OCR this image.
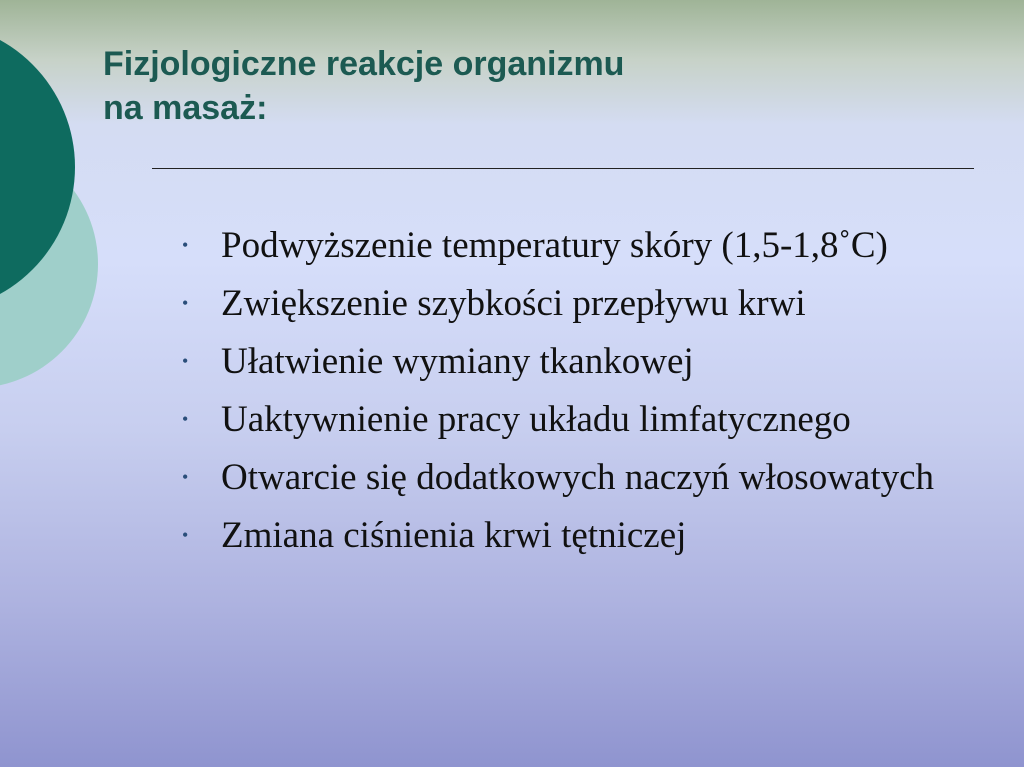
Fizjologiczne reakcje organizmu
na masaż:
• Podwyższenie temperatury skóry (1,5-1,8˚C)
• Zwiększenie szybkości przepływu krwi
• Ułatwienie wymiany tkankowej
• Uaktywnienie pracy układu limfatycznego
• Otwarcie się dodatkowych naczyń włosowatych
• Zmiana ciśnienia krwi tętniczej
